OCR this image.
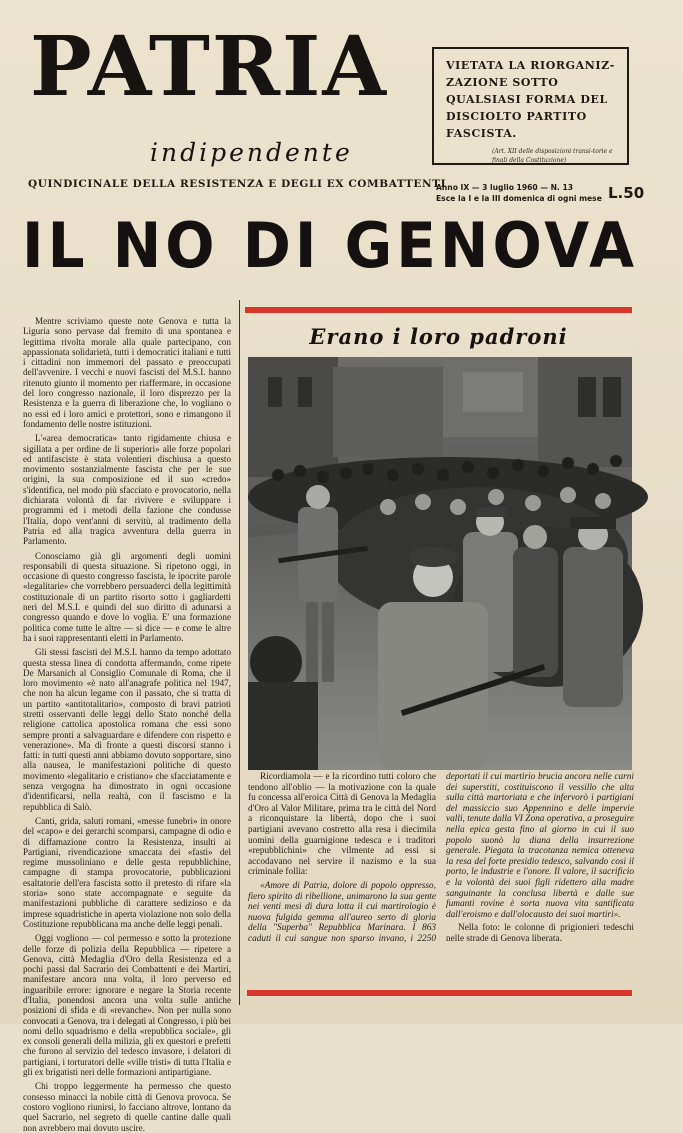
PATRIA
indipendente
QUINDICINALE DELLA RESISTENZA E DEGLI EX COMBATTENTI
VIETATA LA RIORGANIZ-ZAZIONE SOTTO QUALSIASI FORMA DEL DISCIOLTO PARTITO FASCISTA.
(Art. XII delle disposizioni transi-torie e finali della Costituzione)
Anno IX — 3 luglio 1960 — N. 13
Esce la I e la III domenica di ogni mese L.50
IL NO DI GENOVA
Erano i loro padroni

Mentre scriviamo queste note Genova e tutta la Liguria sono pervase dal fremito di una spontanea e legittima rivolta morale alla quale partecipano, con appassionata solidarietà, tutti i democratici italiani e tutti i cittadini non immemori del passato e preoccupati dell'avvenire. I vecchi e nuovi fascisti del M.S.I. hanno ritenuto giunto il momento per riaffermare, in occasione del loro congresso nazionale, il loro disprezzo per la Resistenza e la guerra di liberazione che, lo vogliano o no essi ed i loro amici e protettori, sono e rimangono il fondamento delle nostre istituzioni.

L'«area democratica» tanto rigidamente chiusa e sigillata a per ordine de li superiori» alle forze popolari ed antifasciste è stata volentieri dischiusa a questo movimento sostanzialmente fascista che per le sue origini, la sua composizione ed il suo «credo» s'identifica, nel modo più sfacciato e provocatorio, nella dichiarata volontà di far rivivere e sviluppare i programmi ed i metodi della fazione che condusse l'Italia, dopo vent'anni di servitù, al tradimento della Patria ed alla tragica avventura della guerra in Parlamento.

Conosciamo già gli argomenti degli uomini responsabili di questa situazione. Si ripetono oggi, in occasione di questo congresso fascista, le ipocrite parole «legalitarie» che vorrebbero persuaderci della legittimità costituzionale di un partito risorto sotto i gagliardetti neri del M.S.I. e quindi del suo diritto di adunarsi a congresso quando e dove lo voglia. E' una formazione politica come tutte le altre — si dice — e come le altre ha i suoi rappresentanti eletti in Parlamento.

Gli stessi fascisti del M.S.I. hanno da tempo adottato questa stessa linea di condotta affermando, come ripete De Marsanich al Consiglio Comunale di Roma, che il loro movimento «è nato all'anagrafe politica nel 1947, che non ha alcun legame con il passato, che si tratta di un partito «antitotalitario», composto di bravi patrioti stretti osservanti delle leggi dello Stato nonché della religione cattolica apostolica romana che essi sono sempre pronti a salvaguardare e difendere con rispetto e venerazione». Ma di fronte a questi discorsi stanno i fatti: in tutti questi anni abbiamo dovuto sopportare, sino alla nausea, le manifestazioni politiche di questo movimento «legalitario e cristiano» che sfacciatamente e senza vergogna ha dimostrato in ogni occasione d'identificarsi, nella realtà, con il fascismo e la repubblica di Salò.

Canti, grida, saluti romani, «messe funebri» in onore del «capo» e dei gerarchi scomparsi, campagne di odio e di diffamazione contro la Resistenza, insulti ai Partigiani, rivendicazione smaccata dei «fasti» del regime mussoliniano e delle gesta repubblichine, campagne di stampa provocatorie, pubblicazioni esaltatorie dell'era fascista sotto il pretesto di rifare «la storia» sono state accompagnate e seguite da manifestazioni pubbliche di carattere sedizioso e da imprese squadristiche in aperta violazione non solo della Costituzione repubblicana ma anche delle leggi penali.

Oggi vogliono — col permesso e sotto la protezione delle forze di polizia della Repubblica — ripetere a Genova, città Medaglia d'Oro della Resistenza ed a pochi passi dal Sacrario dei Combattenti e dei Martiri, manifestare ancora una volta, il loro perverso ed inguaribile errore: ignorare e negare la Storia recente d'Italia, ponendosi ancora una volta sulle antiche posizioni di sfida e di «revanche». Non per nulla sono convocati a Genova, tra i delegati al Congresso, i più bei nomi dello squadrismo e della «repubblica sociale», gli ex consoli generali della milizia, gli ex questori e prefetti che furono al servizio del tedesco invasore, i delatori di partigiani, i torturatori delle «ville tristi» di tutta l'Italia e gli ex brigatisti neri delle formazioni antipartigiane.

Chi troppo leggermente ha permesso che questo consesso minacci la nobile città di Genova provoca. Se costoro vogliono riunirsi, lo facciano altrove, lontano da quel Sacrario, nel segreto di quelle cantine dalle quali non avrebbero mai dovuto uscire.

Ricordiamola — e la ricordino tutti coloro che tendono all'oblio — la motivazione con la quale fu concessa all'eroica Città di Genova la Medaglia d'Oro al Valor Militare, prima tra le città del Nord a riconquistare la libertà, dopo che i suoi partigiani avevano costretto alla resa i diecimila uomini della guarnigione tedesca e i traditori «repubblichini» che vilmente ad essi si accodavano nel servire il nazismo e la sua criminale follia:

«Amore di Patria, dolore di popolo oppresso, fiero spirito di ribellione, animarono la sua gente nei venti mesi di dura lotta il cui martirologio è nuova fulgida gemma all'aureo serto di gloria della "Superba" Repubblica Marinara. I 863 caduti il cui sangue non sparso invano, i 2250 deportati il cui martirio brucia ancora nelle carni dei superstiti, costituiscono il vessillo che alta sulla città martoriata e che infervorò i partigiani del massiccio suo Appennino e delle impervie valli, tenute dalla VI Zona operativa, a proseguire nella epica gesta fino al giorno in cui il suo popolo suonò la diana della insurrezione generale. Piegata la tracotanza nemica otteneva la resa del forte presidio tedesco, salvando così il porto, le industrie e l'onore. Il valore, il sacrificio e la volontà dei suoi figli ridettero alla madre sanguinante la conclusa libertà e dalle sue fumanti rovine è sorta nuova vita santificata dall'eroismo e dall'olocausto dei suoi martiri».

Nella foto: le colonne di prigionieri tedeschi nelle strade di Genova liberata.
